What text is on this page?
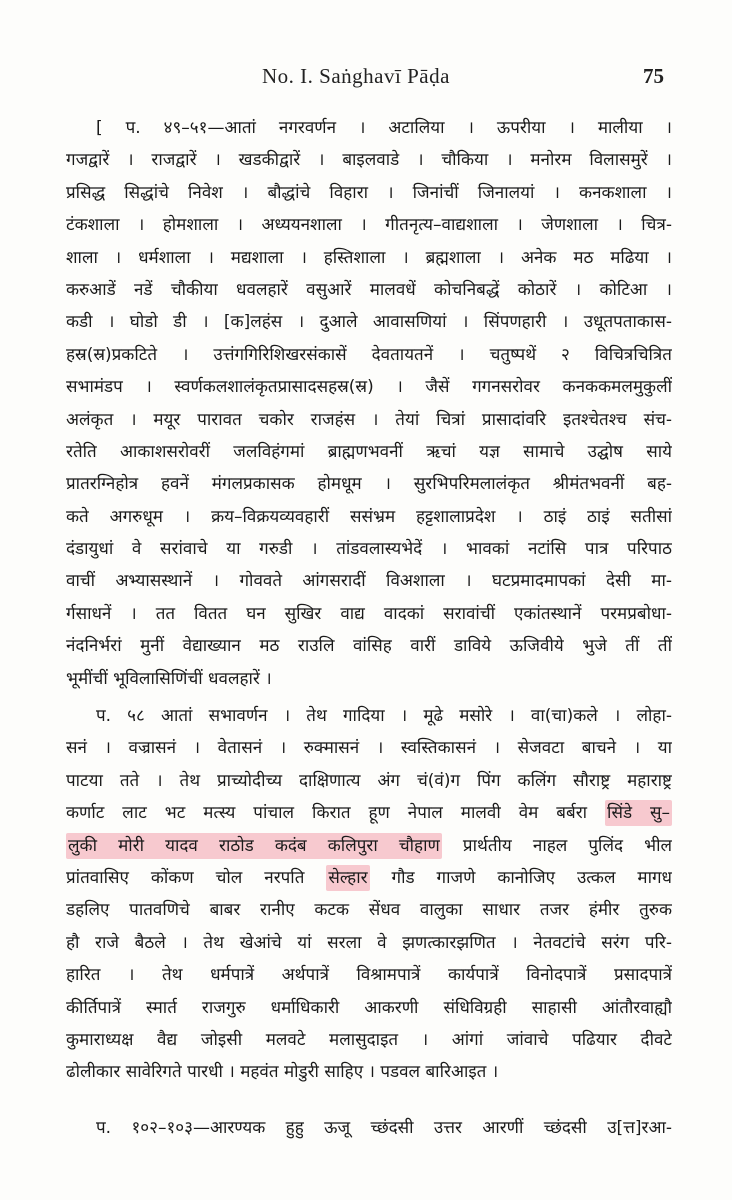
No. I. Saṅghavī Pāḍa	75
[ प. ४९–५१—आतां नगरवर्णन । अटालिया । ऊपरीया । मालीया ।
गजद्वारें । राजद्वारें । खडकीद्वारें । बाइलवाडे । चौकिया । मनोरम विलासमुरें ।
प्रसिद्ध सिद्धांचे निवेश । बौद्धांचे विहारा । जिनांचीं जिनालयां । कनकशाला ।
टंकशाला । होमशाला । अध्ययनशाला । गीतनृत्य–वाद्यशाला । जेणशाला । चित्र-
शाला । धर्मशाला । मद्यशाला । हस्तिशाला । ब्रह्मशाला । अनेक मठ मढिया ।
करुआडें नडें चौकीया धवलहारें वसुआरें मालवधें कोचनिबद्धें कोठारें । कोटिआ ।
कडी । घोडो डी । [क]लहंस । दुआले आवासणियां । सिंपणहारी । उधूतपताकास-
हस्र(स्र)प्रकटिते । उत्तंगगिरिशिखरसंकासें देवतायतनें । चतुष्पथें २ विचित्रचित्रित
सभामंडप । स्वर्णकलशालंकृतप्रासादसहस्र(स्र) । जैसें गगनसरोवर कनककमलमुकुलीं
अलंकृत । मयूर पारावत चकोर राजहंस । तेयां चित्रां प्रासादांवरि इतश्चेतश्च संच-
रतेति आकाशसरोवरीं जलविहंगमां ब्राह्मणभवनीं ऋचां यज्ञ सामाचे उद्घोष साये
प्रातरग्निहोत्र हवनें मंगलप्रकासक होमधूम । सुरभिपरिमलालंकृत श्रीमंतभवनीं बह-
कते अगरुधूम । क्रय–विक्रयव्यवहारीं ससंभ्रम हट्टशालाप्रदेश । ठाइं ठाइं सतीसां
दंडायुधां वे सरांवाचे या गरुडी । तांडवलास्यभेदें । भावकां नटांसि पात्र परिपाठ
वाचीं अभ्यासस्थानें । गोववते आंगसरादीं विअशाला । घटप्रमादमापकां देसी मा-
र्गसाधनें । तत वितत घन सुखिर वाद्य वादकां सरावांचीं एकांतस्थानें परमप्रबोधा-
नंदनिर्भरां मुनीं वेद्याख्यान मठ राउलि वांसिह वारीं डाविये ऊजिवीये भुजे तीं तीं
भूमींचीं भूविलासिणिंचीं धवलहारें ।
प. ५८ आतां सभावर्णन । तेथ गादिया । मूढे मसोरे । वा(चा)कले । लोहा-
सनं । वज्रासनं । वेतासनं । रुक्मासनं । स्वस्तिकासनं । सेजवटा बाचने । या
पाटया तते । तेथ प्राच्योदीच्य दाक्षिणात्य अंग चं(वं)ग पिंग कलिंग सौराष्ट्र महाराष्ट्र
कर्णाट लाट भट मत्स्य पांचाल किरात हूण नेपाल मालवी वेम बर्बरा सिंडे सु–
लुकी मोरी यादव राठोड कदंब कलिपुरा चौहाण प्रार्थतीय नाहल पुलिंद भील
प्रांतवासिए कोंकण चोल नरपति सेल्हार गौड गाजणे कानोजिए उत्कल मागध
डहलिए पातवणिचे बाबर रानीए कटक सेंधव वालुका साधार तजर हंमीर तुरुक
हौ राजे बैठले । तेथ खेआंचे यां सरला वे झणत्कारझणित । नेतवटांचे सरंग परि-
हारित । तेथ धर्मपात्रें अर्थपात्रें विश्रामपात्रें कार्यपात्रें विनोदपात्रें प्रसादपात्रें
कीर्तिपात्रें स्मार्त राजगुरु धर्माधिकारी आकरणी संधिविग्रही साहासी आंतौरवाह्यौ
कुमाराध्यक्ष वैद्य जोइसी मलवटे मलासुदाइत । आंगां जांवाचे पढियार दीवटे
ढोलीकार सावेरिगते पारधी । महवंत मोडुरी साहिए । पडवल बारिआइत ।
प. १०२–१०३—आरण्यक हुहु ऊजू च्छंदसी उत्तर आरणीं च्छंदसी उ[त्त]रआ-
